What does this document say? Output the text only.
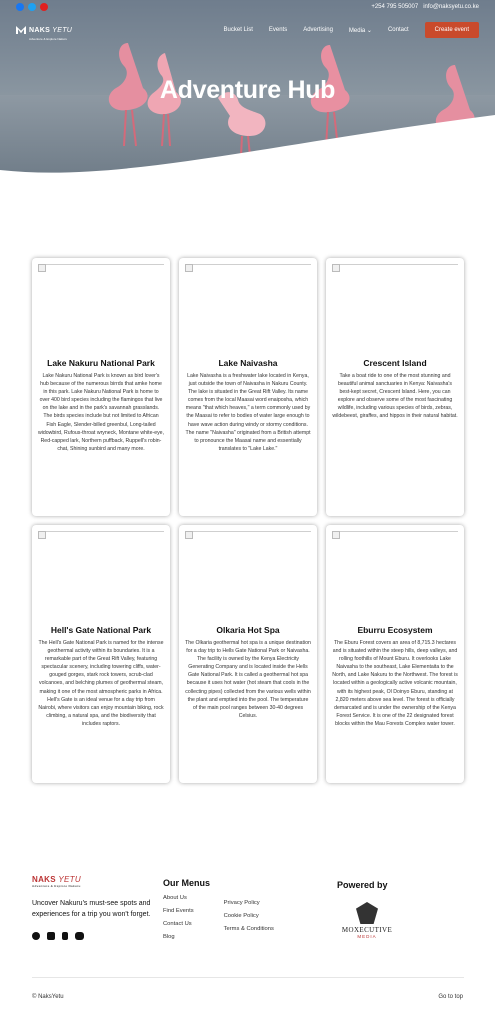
+254 795 505007 info@naksyetu.co.ke
NAKS YETU
Adventure & Explore Nakuru
Bucket List	Events	Advertising	Media ⌄	Contact	Create event
Adventure Hub
Lake Nakuru National Park

Lake Nakuru National Park is known as bird lover's hub because of the numerous birrds that amke home in this park. Lake Nakuru National Park is home to over 400 bird species including the flamingos that live on the lake and in the park's savannah grasslands. The birds species include but not limited to African Fish Eagle, Slender-billed greenbul, Long-tailed widowbird, Rufous-throat wryneck, Montane white-eye, Red-capped lark, Northern puffback, Ruppell's robin-chat, Shining sunbird and many more.

Lake Naivasha

Lake Naivasha is a freshwater lake located in Kenya, just outside the town of Naivasha in Nakuru County. The lake is situated in the Great Rift Valley. Its name comes from the local Maasai word enaiposha, which means "that which heaves," a term commonly used by the Maasai to refer to bodies of water large enough to have wave action during windy or stormy conditions. The name "Naivasha" originated from a British attempt to pronounce the Maasai name and essentially translates to "Lake Lake."

Crescent Island

Take a boat ride to one of the most stunning and beautiful animal sanctuaries in Kenya: Naivasha's best-kept secret, Crescent Island. Here, you can explore and observe some of the most fascinating wildlife, including various species of birds, zebras, wildebeest, giraffes, and hippos in their natural habitat.

Hell's Gate National Park

The Hell's Gate National Park is named for the intense geothermal activity within its boundaries. It is a remarkable part of the Great Rift Valley, featuring spectacular scenery, including towering cliffs, water-gouged gorges, stark rock towers, scrub-clad volcanoes, and belching plumes of geothermal steam, making it one of the most atmospheric parks in Africa. Hell's Gate is an ideal venue for a day trip from Nairobi, where visitors can enjoy mountain biking, rock climbing, a natural spa, and the biodiversity that includes raptors.

Olkaria Hot Spa

The Olkaria geothermal hot spa is a unique destination for a day trip to Hells Gate National Park or Naivasha. The facility is owned by the Kenya Electricity Generating Company and is located inside the Hells Gate National Park. It is called a geothermal hot spa because it uses hot water (hot steam that cools in the collecting pipes) collected from the various wells within the plant and emptied into the pool. The temperature of the main pool ranges between 30-40 degrees Celsius.

Eburru Ecosystem

The Eburu Forest covers an area of 8,715.3 hectares and is situated within the steep hills, deep valleys, and rolling foothills of Mount Eburu. It overlooks Lake Naivasha to the southeast, Lake Elementaita to the North, and Lake Nakuru to the Northwest. The forest is located within a geologically active volcanic mountain, with its highest peak, Ol Doinyo Eburu, standing at 2,820 meters above sea level. The forest is officially demarcated and is under the ownership of the Kenya Forest Service. It is one of the 22 designated forest blocks within the Mau Forests Complex water tower.

NAKS YETU
Adventure & Explore Nakuru
Uncover Nakuru's must-see spots and experiences for a trip you won't forget.
Our Menus
About Us
Find Events
Contact Us
Blog
Privacy Policy
Cookie Policy
Terms & Conditions
Powered by
MOXECUTIVE
MEDIA
© NaksYetu	Go to top
